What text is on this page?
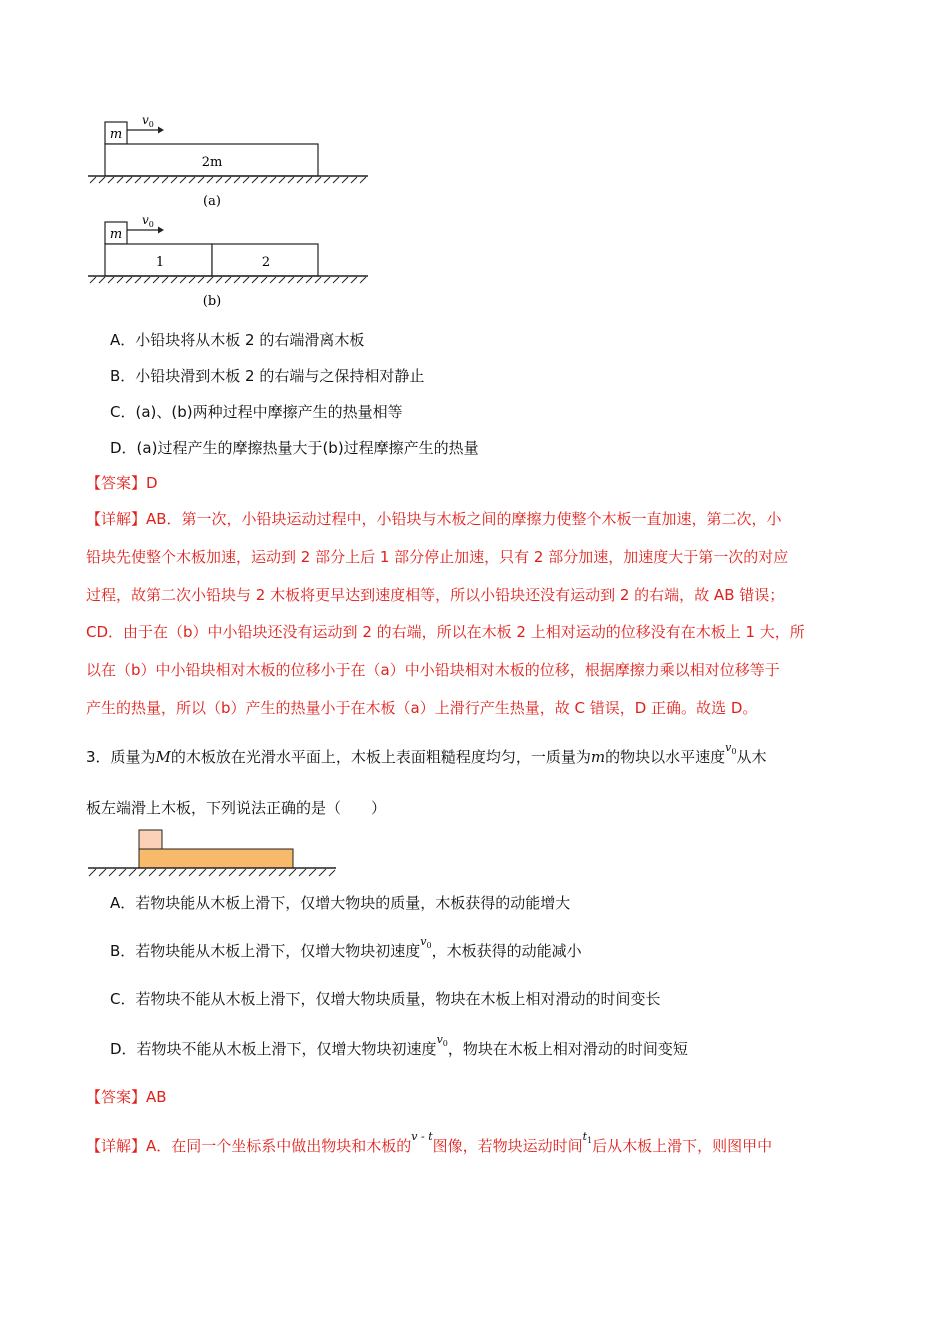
m
$v_0$
2m
(a)
m
$v_0$
1	2
(b)
A．小铅块将从木板 2 的右端滑离木板
B．小铅块滑到木板 2 的右端与之保持相对静止
C．(a)、(b)两种过程中摩擦产生的热量相等
D．(a)过程产生的摩擦热量大于(b)过程摩擦产生的热量
【答案】D
【详解】AB．第一次，小铅块运动过程中，小铅块与木板之间的摩擦力使整个木板一直加速，第二次，小
铅块先使整个木板加速，运动到 2 部分上后 1 部分停止加速，只有 2 部分加速，加速度大于第一次的对应
过程，故第二次小铅块与 2 木板将更早达到速度相等，所以小铅块还没有运动到 2 的右端，故 AB 错误；
CD．由于在（b）中小铅块还没有运动到 2 的右端，所以在木板 2 上相对运动的位移没有在木板上 1 大，所
以在（b）中小铅块相对木板的位移小于在（a）中小铅块相对木板的位移，根据摩擦力乘以相对位移等于
产生的热量，所以（b）产生的热量小于在木板（a）上滑行产生热量，故 C 错误，D 正确。故选 D。
3．质量为M的木板放在光滑水平面上，木板上表面粗糙程度均匀，一质量为m的物块以水平速度$^{v_0}$从木
板左端滑上木板，下列说法正确的是（　　）
A．若物块能从木板上滑下，仅增大物块的质量，木板获得的动能增大
B．若物块能从木板上滑下，仅增大物块初速度$^{v_0}$，木板获得的动能减小
C．若物块不能从木板上滑下，仅增大物块质量，物块在木板上相对滑动的时间变长
D．若物块不能从木板上滑下，仅增大物块初速度$^{v_0}$，物块在木板上相对滑动的时间变短
【答案】AB
【详解】A．在同一个坐标系中做出物块和木板的$^{v - t}$图像，若物块运动时间$^{t_1}$后从木板上滑下，则图甲中
